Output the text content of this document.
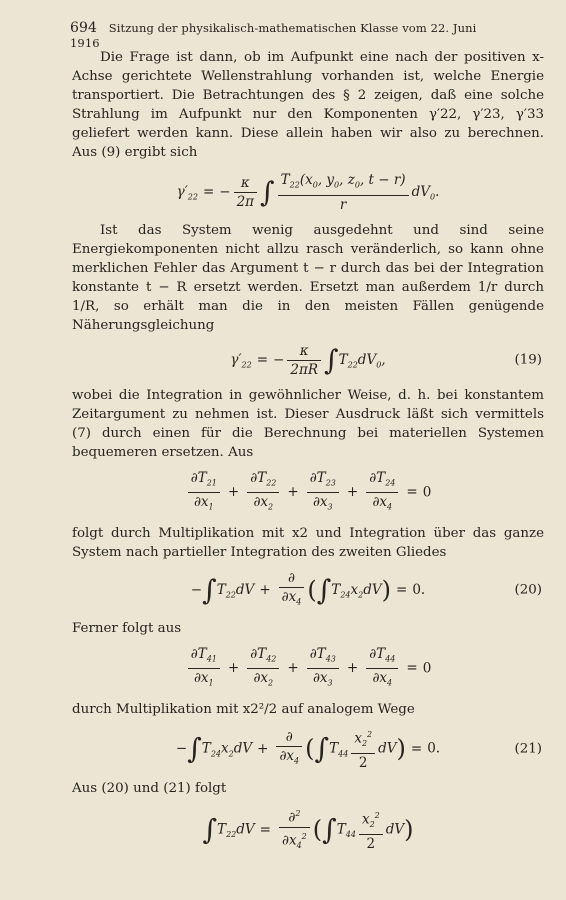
694 Sitzung der physikalisch-mathematischen Klasse vom 22. Juni 1916

Die Frage ist dann, ob im Aufpunkt eine nach der positiven x-Achse gerichtete Wellenstrahlung vorhanden ist, welche Energie transportiert. Die Betrachtungen des § 2 zeigen, daß eine solche Strahlung im Aufpunkt nur den Komponenten γ′22, γ′23, γ′33 geliefert werden kann. Diese allein haben wir also zu berechnen. Aus (9) ergibt sich

$\gamma'_{22}$ = − $\frac{\kappa}{2\pi}$ ∫ $\frac{T_{22}(x_0, y_0, z_0, t - r)}{r} dV_0$.

Ist das System wenig ausgedehnt und sind seine Energiekomponenten nicht allzu rasch veränderlich, so kann ohne merklichen Fehler das Argument t − r durch das bei der Integration konstante t − R ersetzt werden. Ersetzt man außerdem 1/r durch 1/R, so erhält man die in den meisten Fällen genügende Näherungsgleichung

$\gamma'_{22}$ = − $\frac{\kappa}{2\pi R} \int T_{22}dV_0$,	(19)

wobei die Integration in gewöhnlicher Weise, d. h. bei konstantem Zeitargument zu nehmen ist. Dieser Ausdruck läßt sich vermittels (7) durch einen für die Berechnung bei materiellen Systemen bequemeren ersetzen. Aus

$\frac{\partial T_{21}}{\partial x_1} + \frac{\partial T_{22}}{\partial x_2} + \frac{\partial T_{23}}{\partial x_3} + \frac{\partial T_{24}}{\partial x_4} = 0$

folgt durch Multiplikation mit x2 und Integration über das ganze System nach partieller Integration des zweiten Gliedes

$-\int T_{22}dV + \frac{\partial}{\partial x_4} (\int T_{24}x_2dV) = 0$.	(20)

Ferner folgt aus

$\frac{\partial T_{41}}{\partial x_1} + \frac{\partial T_{42}}{\partial x_2} + \frac{\partial T_{43}}{\partial x_3} + \frac{\partial T_{44}}{\partial x_4} = 0$

durch Multiplikation mit x2²/2 auf analogem Wege

$-\int T_{24}x_2dV + \frac{\partial}{\partial x_4} (\int T_{44} \frac{x_2^2}{2} dV) = 0$.	(21)

Aus (20) und (21) folgt

$\int T_{22}dV = \frac{\partial^2}{\partial x_4^2} (\int T_{44} \frac{x_2^2}{2} dV)$
